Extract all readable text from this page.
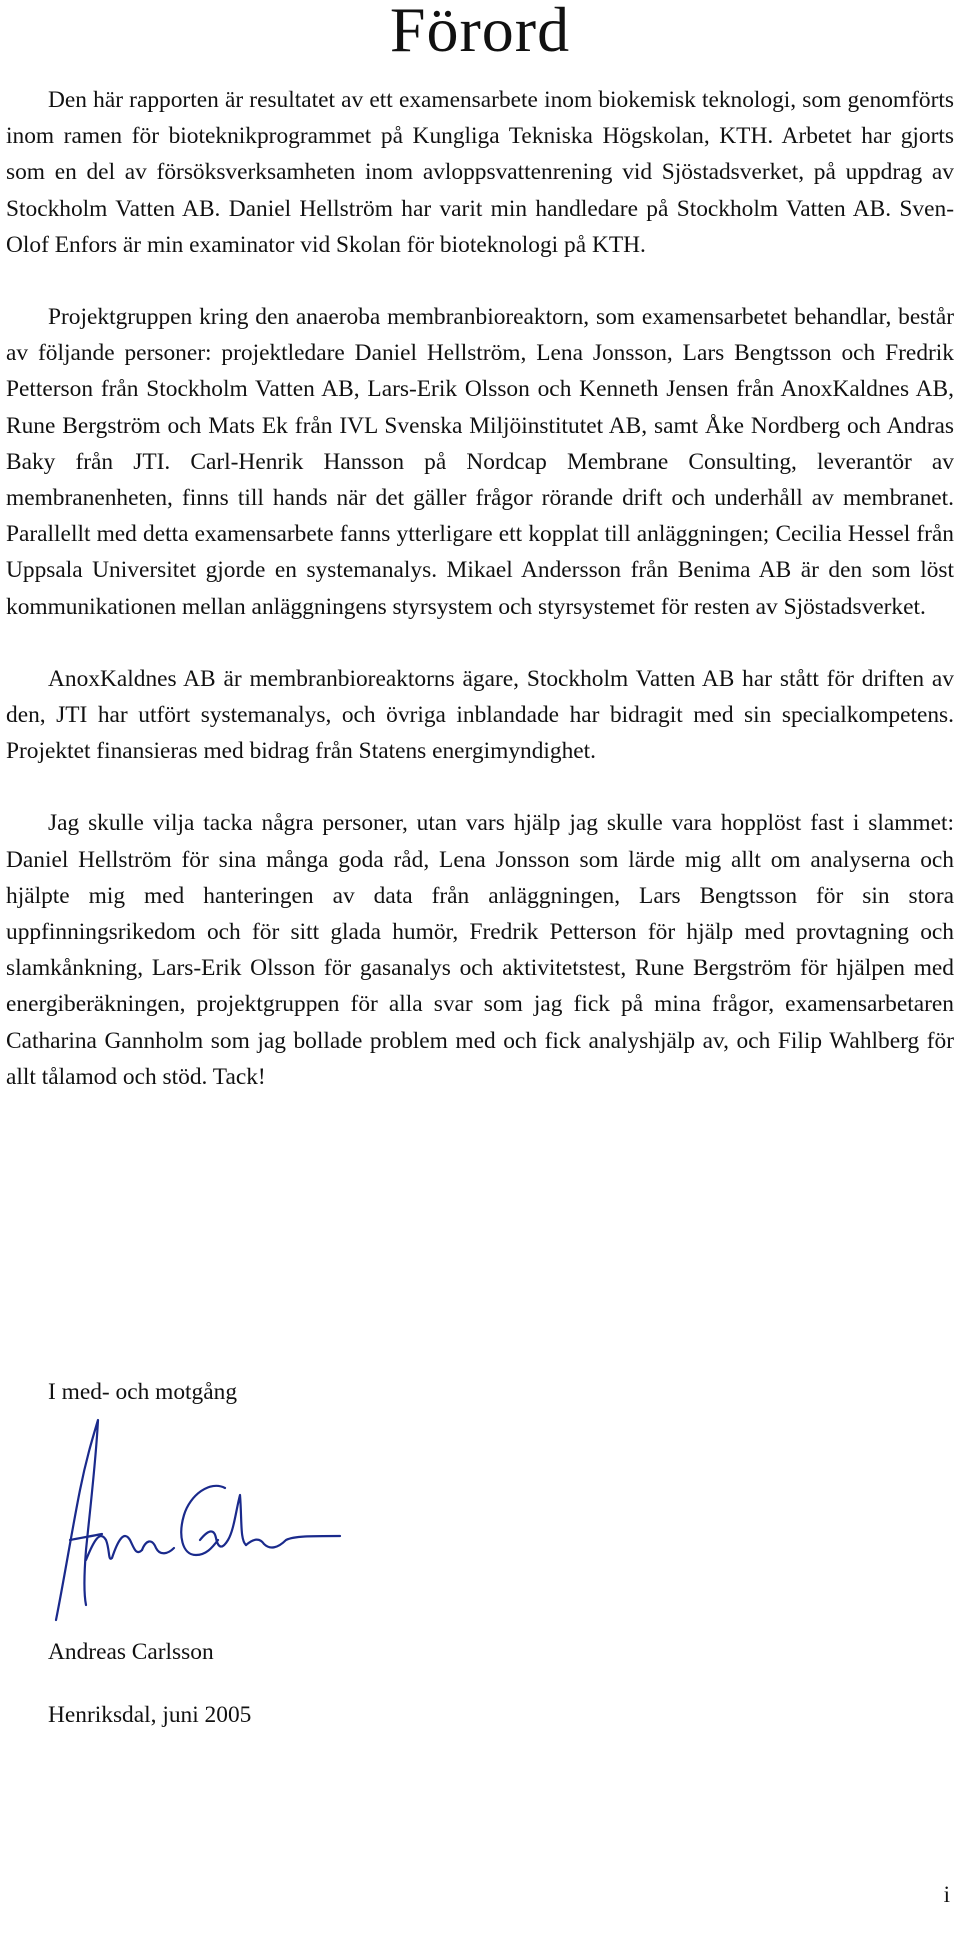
Förord

Den här rapporten är resultatet av ett examensarbete inom biokemisk teknologi, som genomförts inom ramen för bioteknikprogrammet på Kungliga Tekniska Högskolan, KTH. Arbetet har gjorts som en del av försöksverksamheten inom avloppsvattenrening vid Sjöstadsverket, på uppdrag av Stockholm Vatten AB. Daniel Hellström har varit min handledare på Stockholm Vatten AB. Sven-Olof Enfors är min examinator vid Skolan för bioteknologi på KTH.

Projektgruppen kring den anaeroba membranbioreaktorn, som examensarbetet behandlar, består av följande personer: projektledare Daniel Hellström, Lena Jonsson, Lars Bengtsson och Fredrik Petterson från Stockholm Vatten AB, Lars-Erik Olsson och Kenneth Jensen från AnoxKaldnes AB, Rune Bergström och Mats Ek från IVL Svenska Miljöinstitutet AB, samt Åke Nordberg och Andras Baky från JTI. Carl-Henrik Hansson på Nordcap Membrane Consulting, leverantör av membranenheten, finns till hands när det gäller frågor rörande drift och underhåll av membranet. Parallellt med detta examensarbete fanns ytterligare ett kopplat till anläggningen; Cecilia Hessel från Uppsala Universitet gjorde en systemanalys. Mikael Andersson från Benima AB är den som löst kommunikationen mellan anläggningens styrsystem och styrsystemet för resten av Sjöstadsverket.

AnoxKaldnes AB är membranbioreaktorns ägare, Stockholm Vatten AB har stått för driften av den, JTI har utfört systemanalys, och övriga inblandade har bidragit med sin specialkompetens. Projektet finansieras med bidrag från Statens energimyndighet.

Jag skulle vilja tacka några personer, utan vars hjälp jag skulle vara hopplöst fast i slammet: Daniel Hellström för sina många goda råd, Lena Jonsson som lärde mig allt om analyserna och hjälpte mig med hanteringen av data från anläggningen, Lars Bengtsson för sin stora uppfinningsrikedom och för sitt glada humör, Fredrik Petterson för hjälp med provtagning och slamkånkning, Lars-Erik Olsson för gasanalys och aktivitetstest, Rune Bergström för hjälpen med energiberäkningen, projektgruppen för alla svar som jag fick på mina frågor, examensarbetaren Catharina Gannholm som jag bollade problem med och fick analyshjälp av, och Filip Wahlberg för allt tålamod och stöd. Tack!

I med- och motgång
Andreas Carlsson
Henriksdal, juni 2005
i
